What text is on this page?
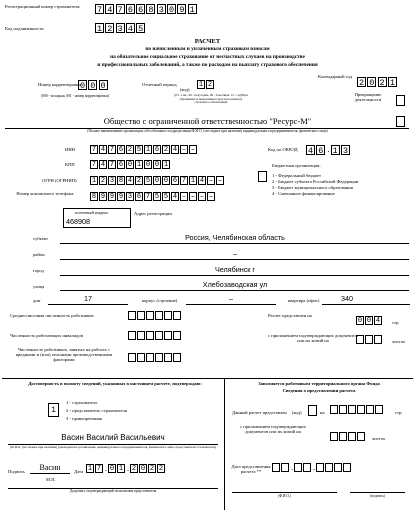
Регистрационный номер страхователя 7 4 7 6 6 8 3 0 9 1
Код подчиненности	1 2 3 4 5
РАСЧЕТ
по начисленным и уплаченным страховым взносам
на обязательное социальное страхование от несчастных случаев на производстве
и профессиональных заболеваний, а также по расходам на выплату страхового обеспечения
Номер корректировки 0 0 0
(000 - исходная, 001 - номер корректировки)
Отчетный период
(код)
1 2
(03 - I кв., 06 - полугодие, 09 - 9 месяцев, 12 - год)При обращении за выделением средств на выплату страхового обеспечения
Календарный год
2 0 2 1
Прекращение деятельности
Общество с ограниченной ответственностью "Ресурс-М"
(Полное наименование организации, обособленного подразделения/Ф.И.О. (последнее при наличии) индивидуального предпринимателя, физического лица)
ИНН 7 4 7 6 2 5 1 6 2 4 – –
КПП 7 4 7 6 0 1 0 0 1
ОГРН (ОГРНИП) 1 2 3 8 4 2 5 0 0 6 7 1 4 – –
Номер контактного телефона	8 9 9 9 3 6 7 5 5 4 – – – –
Код по ОКВЭД 4 6 . 1 3
Бюджетная организация:
1 - Федеральный бюджет
2 - Бюджет субъекта Российской Федерации
3 - Бюджет муниципального образования
4 - Смешанное финансирование
почтовый индекс
468908
Адрес регистрации
субъект	Россия, Челябинская область
район	–
город	Челябинск г
улица	Хлебозаводская ул
дом	17	корпус (строение)	–	квартира (офис)	340
Среднесписочная численность работников
Численность работающих инвалидов
Численность работников, занятых на работах с вредными и (или) опасными производственными факторами
Расчет представлен на
0 0 4	стр.
с приложением подтверждающих документов или их копий на	листах
Достоверность и полноту сведений, указанных в настоящем расчете, подтверждаю:
1
1 - страхователь
2 - представитель страхователя
3 - правопреемник
Васин Василий Васильевич
(Ф.И.О. (последнее при наличии) руководителя организации, индивидуального предпринимателя, физического лица, представителя страхователя)
Подпись	Васин
М.П.
Дата 1 7 . 0 1 . 2 0 2 2
Документ, подтверждающий полномочия представителя
Заполняется работником территориального органа Фонда
Сведения о представлении расчета
Данный расчет представлен (код)	на	стр.
с приложением подтверждающих документов или их копий на
листах
Дата представления расчета **	.	.
(Ф.И.О.)	(подпись)
